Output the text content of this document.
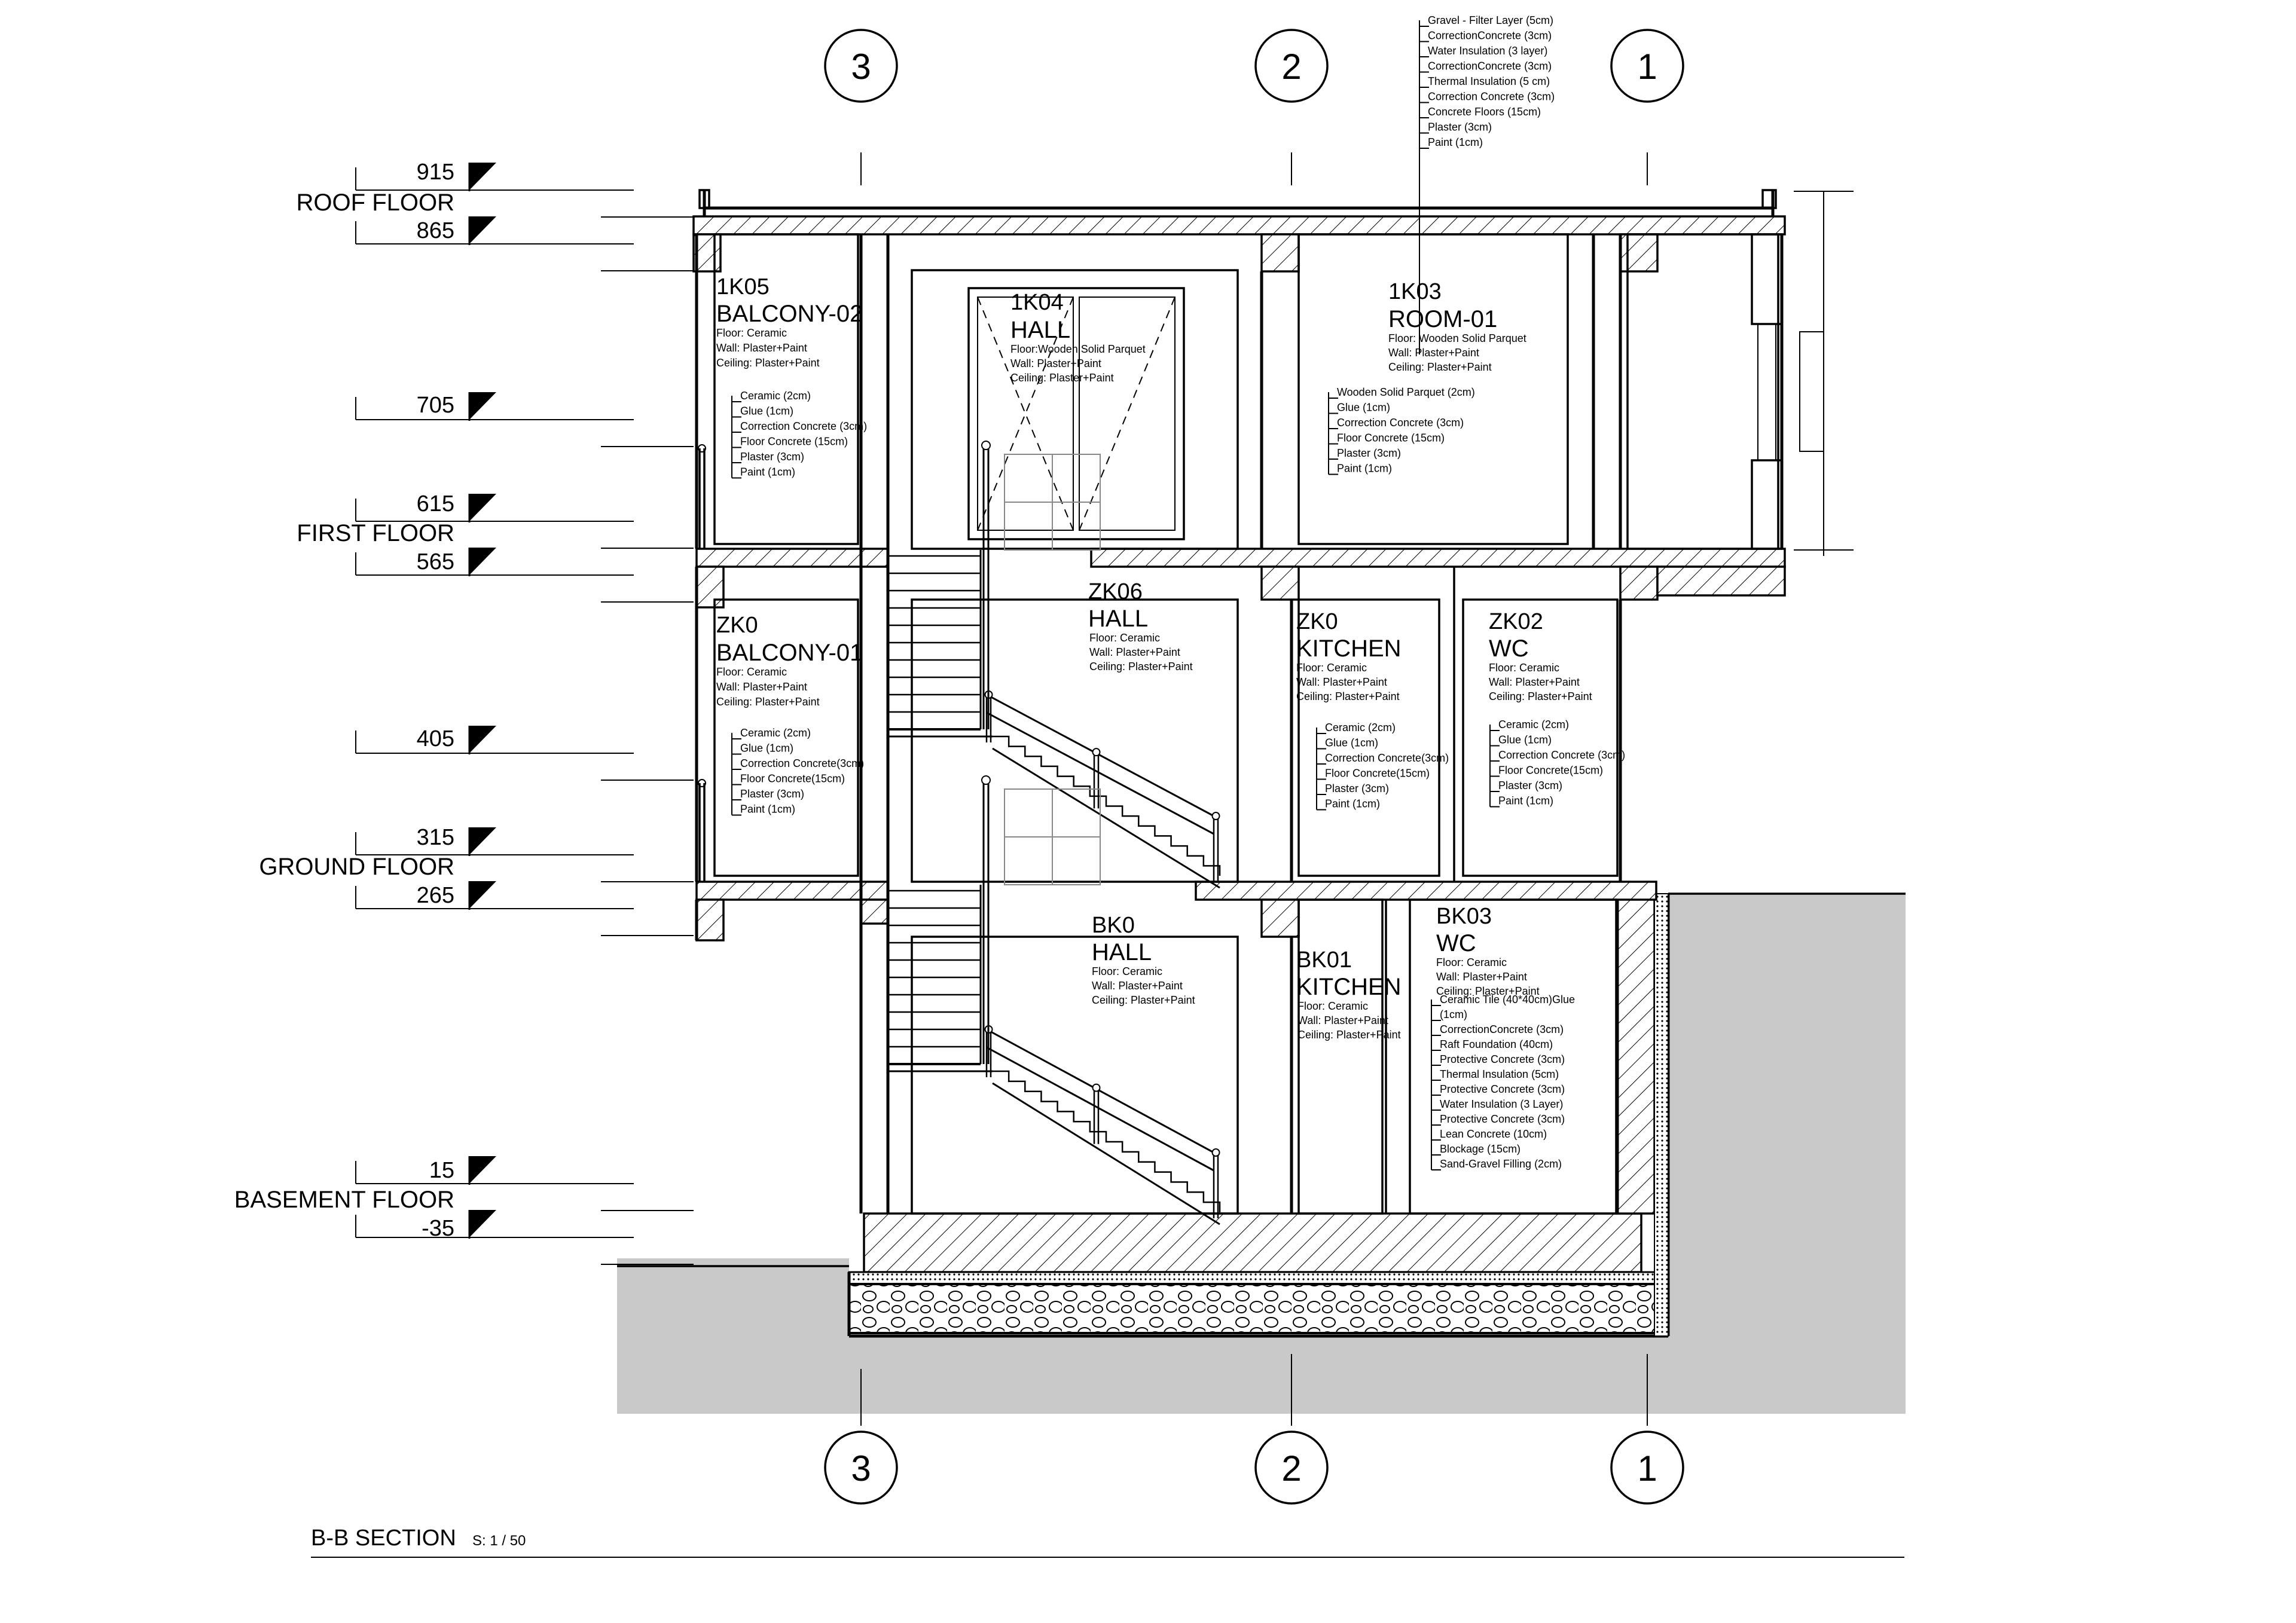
915
ROOF FLOOR
865
705
615
FIRST FLOOR
565
405
315
GROUND FLOOR
265
15
BASEMENT FLOOR
-35
3	2	1
3	2	1
1K05
BALCONY-02
Floor: Ceramic
Wall: Plaster+Paint
Ceiling: Plaster+Paint
1K04
HALL
Floor:Wooden Solid Parquet
Wall: Plaster+Paint
Ceiling: Plaster+Paint
1K03
ROOM-01
Floor: Wooden Solid Parquet
Wall: Plaster+Paint
Ceiling: Plaster+Paint
ZK0
BALCONY-01
Floor: Ceramic
Wall: Plaster+Paint
Ceiling: Plaster+Paint
ZK06
HALL
Floor: Ceramic
Wall: Plaster+Paint
Ceiling: Plaster+Paint
ZK0
KITCHEN
Floor: Ceramic
Wall: Plaster+Paint
Ceiling: Plaster+Paint
ZK02
WC
Floor: Ceramic
Wall: Plaster+Paint
Ceiling: Plaster+Paint
BK0
HALL
Floor: Ceramic
Wall: Plaster+Paint
Ceiling: Plaster+Paint
BK01
KITCHEN
Floor: Ceramic
Wall: Plaster+Paint
Ceiling: Plaster+Paint
BK03
WC
Floor: Ceramic
Wall: Plaster+Paint
Ceiling: Plaster+Paint
Gravel - Filter Layer (5cm)
CorrectionConcrete (3cm)
Water Insulation (3 layer)
CorrectionConcrete (3cm)
Thermal Insulation (5 cm)
Correction Concrete (3cm)
Concrete Floors (15cm)
Plaster (3cm)
Paint (1cm)
Ceramic (2cm)
Glue (1cm)
Correction Concrete (3cm)
Floor Concrete (15cm)
Plaster (3cm)
Paint (1cm)
Wooden Solid Parquet (2cm)
Glue (1cm)
Correction Concrete (3cm)
Floor Concrete (15cm)
Plaster (3cm)
Paint (1cm)
Ceramic (2cm)
Glue (1cm)
Correction Concrete(3cm)
Floor Concrete(15cm)
Plaster (3cm)
Paint (1cm)
Ceramic (2cm)
Glue (1cm)
Correction Concrete(3cm)
Floor Concrete(15cm)
Plaster (3cm)
Paint (1cm)
Ceramic (2cm)
Glue (1cm)
Correction Concrete (3cm)
Floor Concrete(15cm)
Plaster (3cm)
Paint (1cm)
Ceramic Tile (40*40cm)Glue
(1cm)
CorrectionConcrete (3cm)
Raft Foundation (40cm)
Protective Concrete (3cm)
Thermal Insulation (5cm)
Protective Concrete (3cm)
Water Insulation (3 Layer)
Protective Concrete (3cm)
Lean Concrete (10cm)
Blockage (15cm)
Sand-Gravel Filling (2cm)
B-B SECTION S: 1 / 50
